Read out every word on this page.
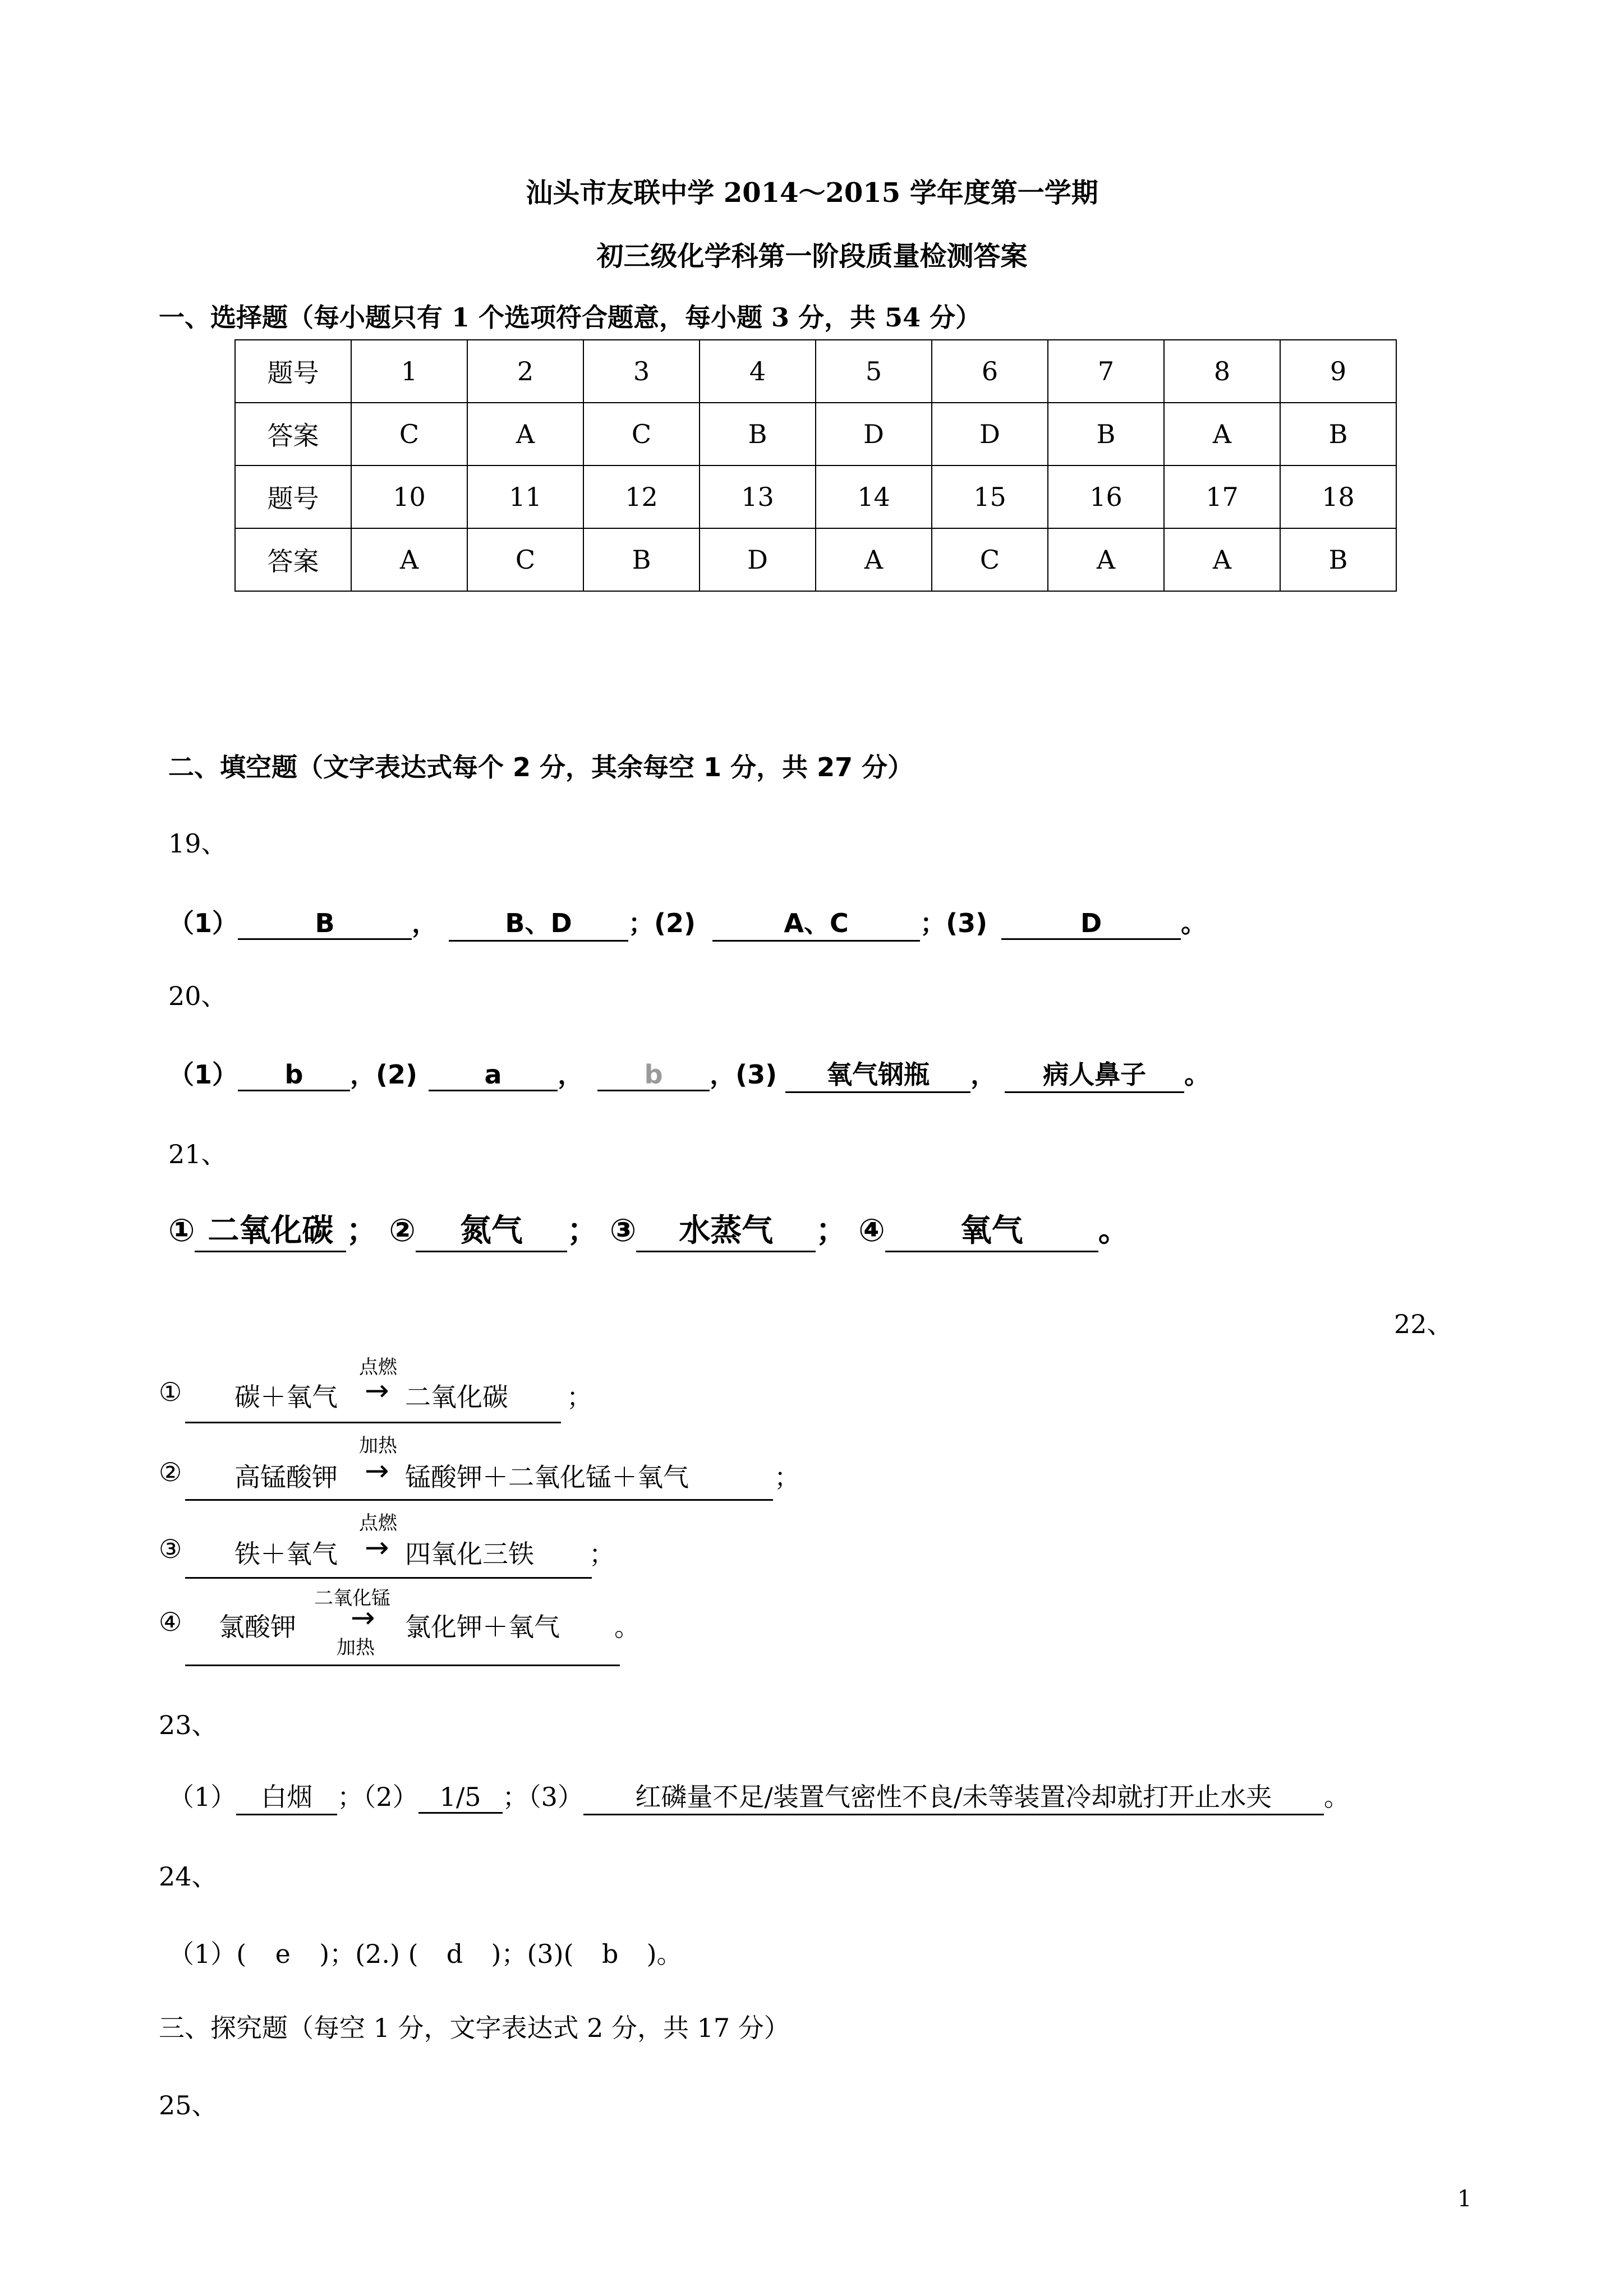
汕头市友联中学 2014～2015 学年度第一学期
初三级化学科第一阶段质量检测答案
一、选择题（每小题只有 1 个选项符合题意，每小题 3 分，共 54 分）
题号	1	2	3	4	5	6	7	8	9
答案	C	A	C	B	D	D	B	A	B
题号	10	11	12	13	14	15	16	17	18
答案	A	C	B	D	A	C	A	A	B
二、填空题（文字表达式每个 2 分，其余每空 1 分，共 27 分）
19、
（1）	B	，	B、D ；(2)	A、C	；(3)	D	。
20、
（1） b ，(2)	a ， b ，(3) 氧气钢瓶 ， 病人鼻子 。
21、
① 二氧化碳 ； ② 氮气 ； ③ 水蒸气 ； ④ 氧气 。
22、
① 碳＋氧气
点燃
→ 二氧化碳 ；
② 高锰酸钾
加热
→ 锰酸钾＋二氧化锰＋氧气	；
③ 铁＋氧气
点燃
→ 四氧化三铁 ；
④ 氯酸钾
二氧化锰
→
加热
氯化钾＋氧气 。
23、
（1） 白烟 ；（2） 1/5 ；（3） 红磷量不足/装置气密性不良/未等装置冷却就打开止水夹 。
24、
（1）( e )；(2.) ( d )；(3)( b )。
三、探究题（每空 1 分，文字表达式 2 分，共 17 分）
25、
1
